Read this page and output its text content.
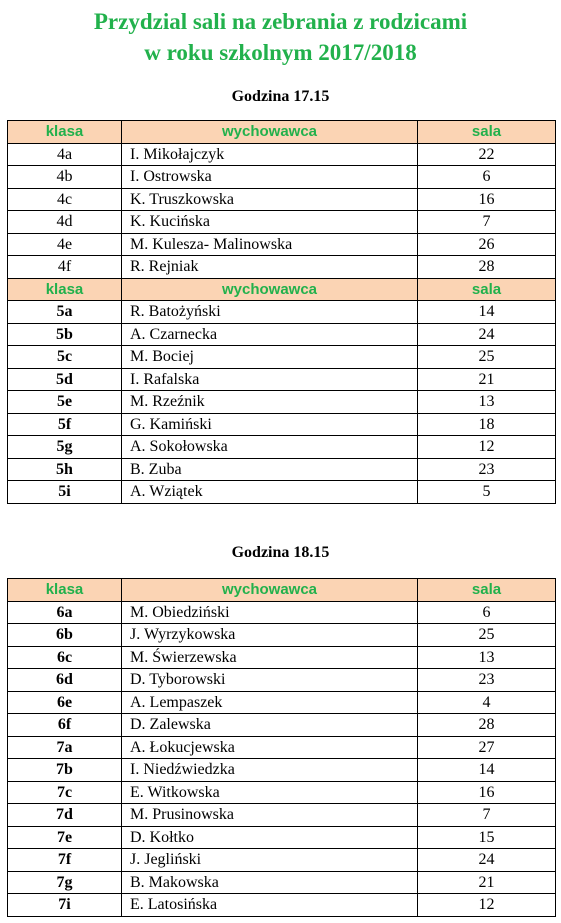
Przydzial sali na zebrania z rodzicami
w roku szkolnym 2017/2018
Godzina 17.15
klasa	wychowawca	sala
4a	I. Mikołajczyk	22
4b	I. Ostrowska	6
4c	K. Truszkowska	16
4d	K. Kucińska	7
4e	M. Kulesza- Malinowska	26
4f	R. Rejniak	28
klasa	wychowawca	sala
5a	R. Batożyński	14
5b	A. Czarnecka	24
5c	M. Bociej	25
5d	I. Rafalska	21
5e	M. Rzeźnik	13
5f	G. Kamiński	18
5g	A. Sokołowska	12
5h	B. Zuba	23
5i	A. Wziątek	5
Godzina 18.15
klasa	wychowawca	sala
6a	M. Obiedziński	6
6b	J. Wyrzykowska	25
6c	M. Świerzewska	13
6d	D. Tyborowski	23
6e	A. Lempaszek	4
6f	D. Zalewska	28
7a	A. Łokucjewska	27
7b	I. Niedźwiedzka	14
7c	E. Witkowska	16
7d	M. Prusinowska	7
7e	D. Kołtko	15
7f	J. Jegliński	24
7g	B. Makowska	21
7i	E. Latosińska	12
